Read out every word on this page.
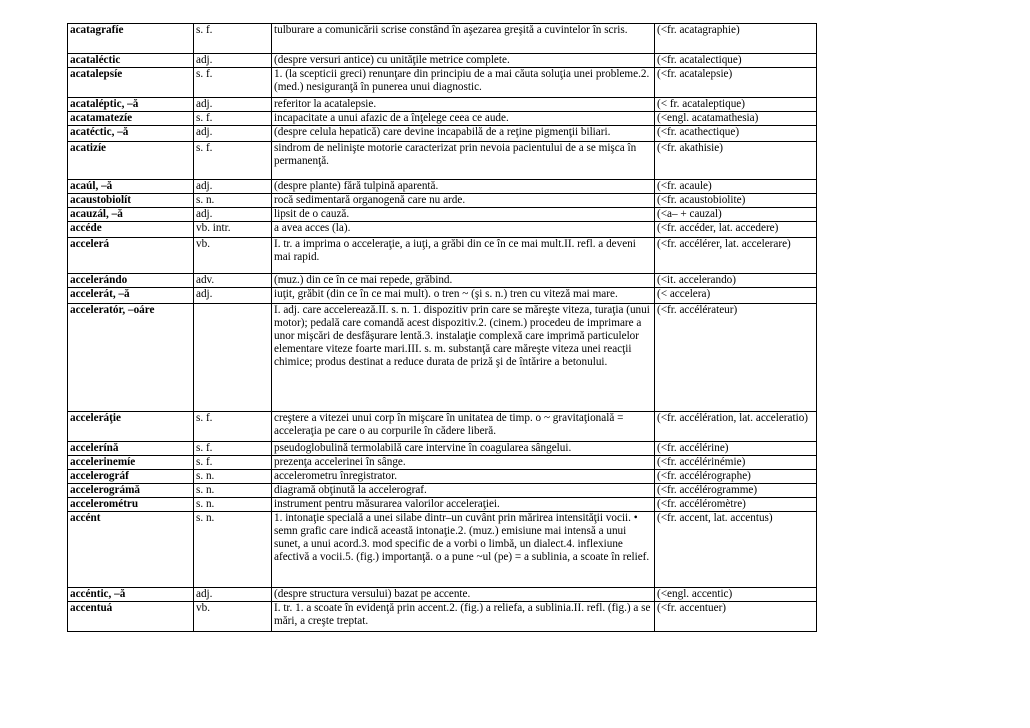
acatagrafíe	s. f.	tulburare a comunicării scrise constând în aşezarea greşită a cuvintelor în scris.	(<fr. acatagraphie)
acataléctic	adj.	(despre versuri antice) cu unităţile metrice complete.	(<fr. acatalectique)
acatalepsíe	s. f.	1. (la scepticii greci) renunţare din principiu de a mai căuta soluţia unei probleme.2. (med.) nesiguranţă în punerea unui diagnostic.	(<fr. acatalepsie)
acataléptic, –ă	adj.	referitor la acatalepsie.	(< fr. acataleptique)
acatamatezíe	s. f.	incapacitate a unui afazic de a înţelege ceea ce aude.	(<engl. acatamathesia)
acatéctic, –ă	adj.	(despre celula hepatică) care devine incapabilă de a reţine pigmenţii biliari.	(<fr. acathectique)
acatizíe	s. f.	sindrom de nelinişte motorie caracterizat prin nevoia pacientului de a se mişca în permanenţă.	(<fr. akathisie)
acaúl, –ă	adj.	(despre plante) fără tulpină aparentă.	(<fr. acaule)
acaustobiolít	s. n.	rocă sedimentară organogenă care nu arde.	(<fr. acaustobiolite)
acauzál, –ă	adj.	lipsit de o cauză.	(<a– + cauzal)
accéde	vb. intr.	a avea acces (la).	(<fr. accéder, lat. accedere)
accelerá	vb.	I. tr. a imprima o acceleraţie, a iuţi, a grăbi din ce în ce mai mult.II. refl. a deveni mai rapid.	(<fr. accélérer, lat. accelerare)
accelerándo	adv.	(muz.) din ce în ce mai repede, grăbind.	(<it. accelerando)
accelerát, –ă	adj.	iuţit, grăbit (din ce în ce mai mult). o tren ~ (şi s. n.) tren cu viteză mai mare.	(< accelera)
acceleratór, –oáre		I. adj. care accelerează.II. s. n. 1. dispozitiv prin care se măreşte viteza, turaţia (unui motor); pedală care comandă acest dispozitiv.2. (cinem.) procedeu de imprimare a unor mişcări de desfăşurare lentă.3. instalaţie complexă care imprimă particulelor elementare viteze foarte mari.III. s. m. substanţă care măreşte viteza unei reacţii chimice; produs destinat a reduce durata de priză şi de întărire a betonului.	(<fr. accélérateur)
acceleráţie	s. f.	creştere a vitezei unui corp în mişcare în unitatea de timp. o ~ gravitaţională = acceleraţia pe care o au corpurile în cădere liberă.	(<fr. accélération, lat. acceleratio)
accelerínă	s. f.	pseudoglobulină termolabilă care intervine în coagularea sângelui.	(<fr. accélérine)
accelerinemíe	s. f.	prezenţa accelerinei în sânge.	(<fr. accélérinémie)
accelerográf	s. n.	accelerometru înregistrator.	(<fr. accélérographe)
accelerográmă	s. n.	diagramă obţinută la accelerograf.	(<fr. accélérogramme)
accelerométru	s. n.	instrument pentru măsurarea valorilor acceleraţiei.	(<fr. accéléromètre)
accént	s. n.	1. intonaţie specială a unei silabe dintr–un cuvânt prin mărirea intensităţii vocii. • semn grafic care indică această intonaţie.2. (muz.) emisiune mai intensă a unui sunet, a unui acord.3. mod specific de a vorbi o limbă, un dialect.4. inflexiune afectivă a vocii.5. (fig.) importanţă. o a pune ~ul (pe) = a sublinia, a scoate în relief.	(<fr. accent, lat. accentus)
accéntic, –ă	adj.	(despre structura versului) bazat pe accente.	(<engl. accentic)
accentuá	vb.	I. tr. 1. a scoate în evidenţă prin accent.2. (fig.) a reliefa, a sublinia.II. refl. (fig.) a se mări, a creşte treptat.	(<fr. accentuer)
